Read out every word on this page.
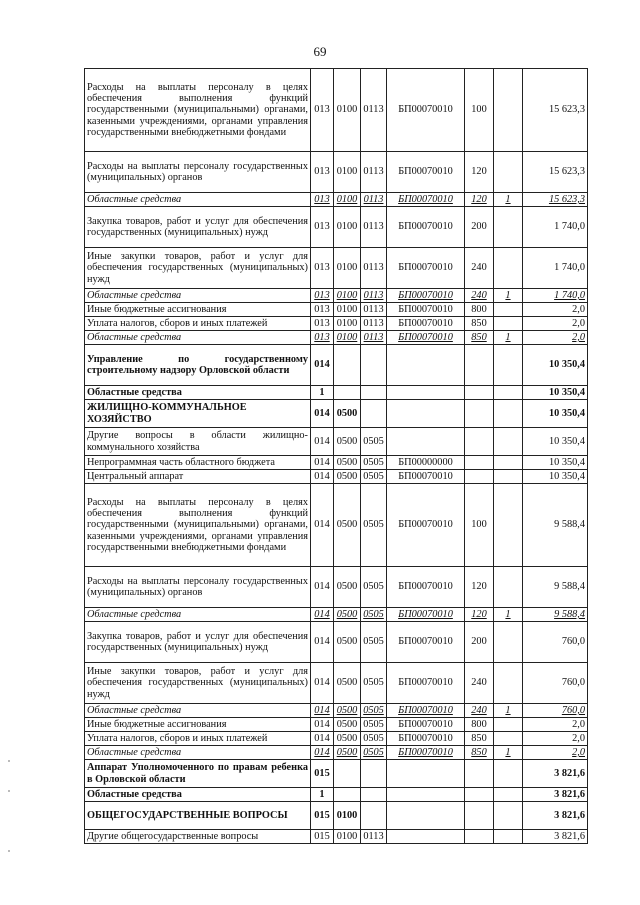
69
Расходы на выплаты персоналу в целях обеспечения выполнения функций государственными (муниципальными) органами, казенными учреждениями, органами управления государственными внебюджетными фондами	013	0100	0113	БП00070010	100		15 623,3
Расходы на выплаты персоналу государственных (муниципальных) органов	013	0100	0113	БП00070010	120		15 623,3
Областные средства	013	0100	0113	БП00070010	120	1	15 623,3
Закупка товаров, работ и услуг для обеспечения государственных (муниципальных) нужд	013	0100	0113	БП00070010	200		1 740,0
Иные закупки товаров, работ и услуг для обеспечения государственных (муниципальных) нужд	013	0100	0113	БП00070010	240		1 740,0
Областные средства	013	0100	0113	БП00070010	240	1	1 740,0
Иные бюджетные ассигнования	013	0100	0113	БП00070010	800		2,0
Уплата налогов, сборов и иных платежей	013	0100	0113	БП00070010	850		2,0
Областные средства	013	0100	0113	БП00070010	850	1	2,0
Управление по государственному строительному надзору Орловской области	014						10 350,4
Областные средства	1						10 350,4
ЖИЛИЩНО-КОММУНАЛЬНОЕ ХОЗЯЙСТВО	014	0500					10 350,4
Другие вопросы в области жилищно-коммунального хозяйства	014	0500	0505				10 350,4
Непрограммная часть областного бюджета	014	0500	0505	БП00000000			10 350,4
Центральный аппарат	014	0500	0505	БП00070010			10 350,4
Расходы на выплаты персоналу в целях обеспечения выполнения функций государственными (муниципальными) органами, казенными учреждениями, органами управления государственными внебюджетными фондами	014	0500	0505	БП00070010	100		9 588,4
Расходы на выплаты персоналу государственных (муниципальных) органов	014	0500	0505	БП00070010	120		9 588,4
Областные средства	014	0500	0505	БП00070010	120	1	9 588,4
Закупка товаров, работ и услуг для обеспечения государственных (муниципальных) нужд	014	0500	0505	БП00070010	200		760,0
Иные закупки товаров, работ и услуг для обеспечения государственных (муниципальных) нужд	014	0500	0505	БП00070010	240		760,0
Областные средства	014	0500	0505	БП00070010	240	1	760,0
Иные бюджетные ассигнования	014	0500	0505	БП00070010	800		2,0
Уплата налогов, сборов и иных платежей	014	0500	0505	БП00070010	850		2,0
Областные средства	014	0500	0505	БП00070010	850	1	2,0
Аппарат Уполномоченного по правам ребенка в Орловской области	015						3 821,6
Областные средства	1						3 821,6
ОБЩЕГОСУДАРСТВЕННЫЕ ВОПРОСЫ	015	0100					3 821,6
Другие общегосударственные вопросы	015	0100	0113				3 821,6
